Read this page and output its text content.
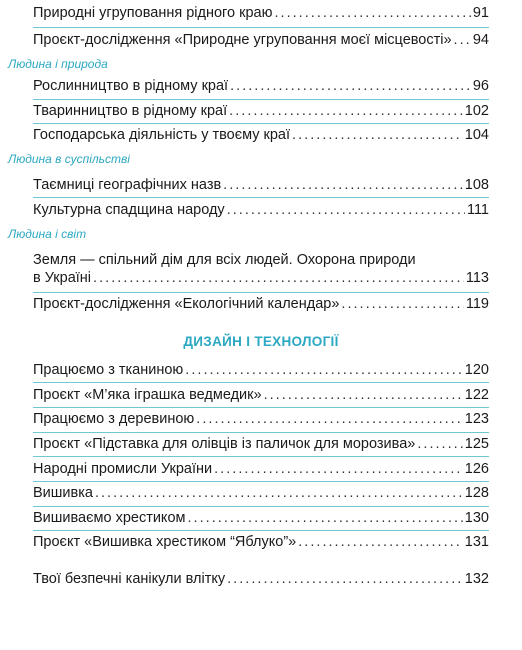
Природні угруповання рідного краю . . .	91
Проєкт-дослідження «Природне угруповання моєї місцевості» . . . 94
Людина і природа
Рослинництво в рідному краї . . .	96
Тваринництво в рідному краї . . .	102
Господарська діяльність у твоєму краї . . .	104
Людина в суспільстві
Таємниці географічних назв . . .	108
Культурна спадщина народу . . .	111
Людина і світ
Земля — спільний дім для всіх людей. Охорона природи
в Україні . . .	113
Проєкт-дослідження «Екологічний календар» . . .	119
ДИЗАЙН І ТЕХНОЛОГІЇ
Працюємо з тканиною . . .	120
Проєкт «М’яка іграшка ведмедик» . . .	122
Працюємо з деревиною . . .	123
Проєкт «Підставка для олівців із паличок для морозива» . . .	125
Народні промисли України . . .	126
Вишивка . . .	128
Вишиваємо хрестиком . . .	130
Проєкт «Вишивка хрестиком “Яблуко”» . . .	131
Твої безпечні канікули влітку . . .	132
